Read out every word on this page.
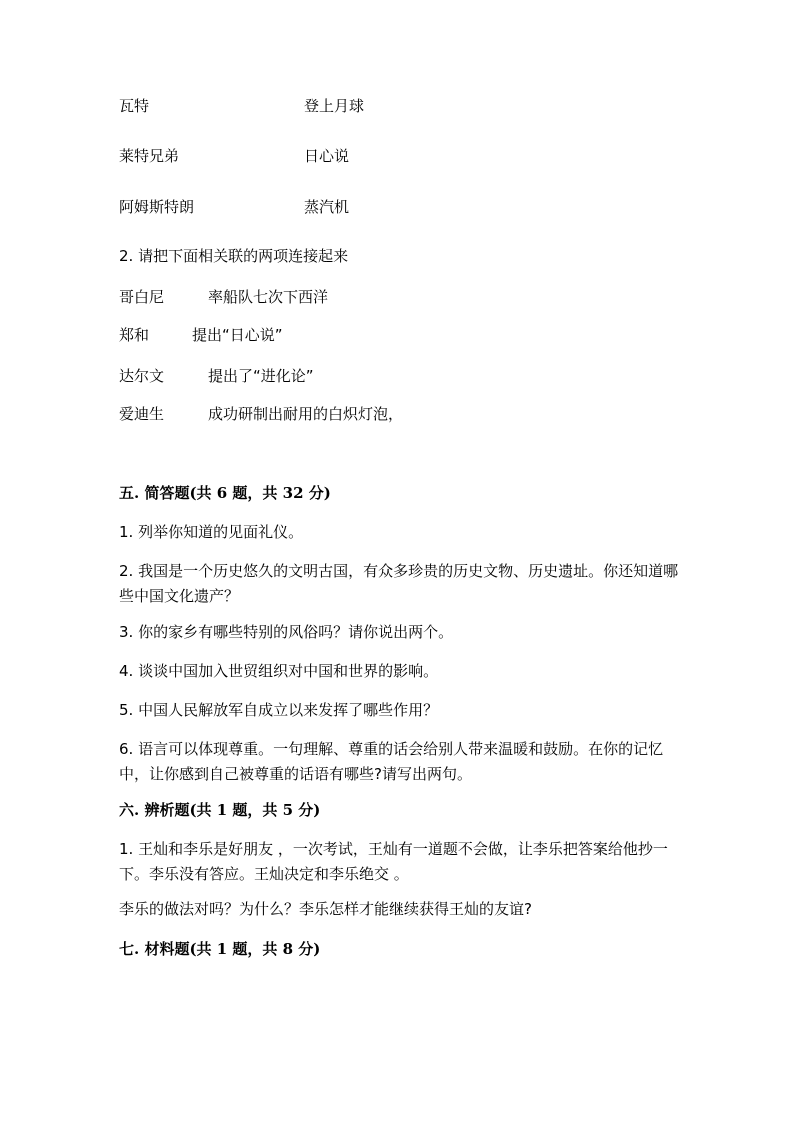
瓦特	登上月球
莱特兄弟	日心说
阿姆斯特朗	蒸汽机
2. 请把下面相关联的两项连接起来
哥白尼	率船队七次下西洋
郑和	提出“日心说”
达尔文	提出了“进化论”
爱迪生	成功研制出耐用的白炽灯泡，
五. 简答题(共 6 题，共 32 分)
1. 列举你知道的见面礼仪。
2. 我国是一个历史悠久的文明古国，有众多珍贵的历史文物、历史遗址。你还知道哪些中国文化遗产？
3. 你的家乡有哪些特别的风俗吗？请你说出两个。
4. 谈谈中国加入世贸组织对中国和世界的影响。
5. 中国人民解放军自成立以来发挥了哪些作用？
6. 语言可以体现尊重。一句理解、尊重的话会给别人带来温暖和鼓励。在你的记忆中，让你感到自己被尊重的话语有哪些?请写出两句。
六. 辨析题(共 1 题，共 5 分)
1. 王灿和李乐是好朋友 ，一次考试，王灿有一道题不会做，让李乐把答案给他抄一下。李乐没有答应。王灿决定和李乐绝交 。
李乐的做法对吗？为什么？李乐怎样才能继续获得王灿的友谊?
七. 材料题(共 1 题，共 8 分)
